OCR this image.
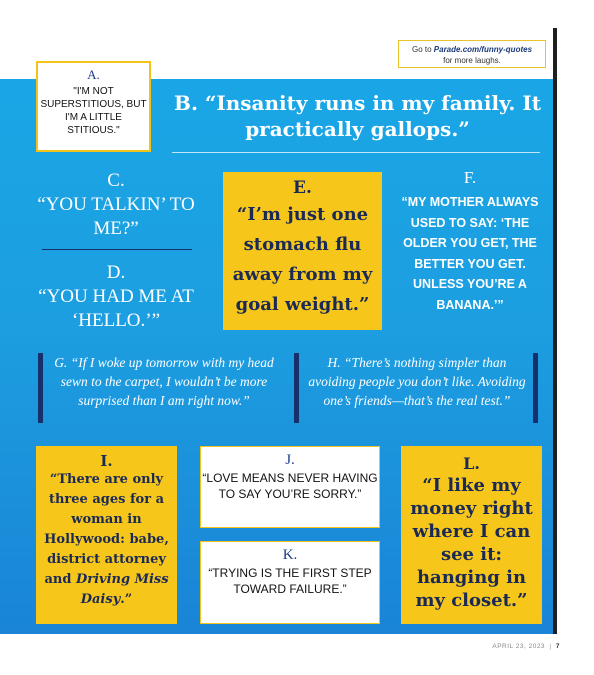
Go to Parade.com/funny-quotes
for more laughs.
A.
"I'M NOT SUPERSTITIOUS, BUT I'M A LITTLE STITIOUS."
B. “Insanity runs in my family. It practically gallops.”
C.
“YOU TALKIN’ TO ME?”
D.
“YOU HAD ME AT ‘HELLO.’”
E.
“I’m just one stomach flu away from my goal weight.”
F.
“MY MOTHER ALWAYS USED TO SAY: ‘THE OLDER YOU GET, THE BETTER YOU GET. UNLESS YOU’RE A BANANA.’”
G. “If I woke up tomorrow with my head sewn to the carpet, I wouldn’t be more surprised than I am right now.”
H. “There’s nothing simpler than avoiding people you don’t like. Avoiding one’s friends—that’s the real test.”
I.
“There are only three ages for a woman in Hollywood: babe, district attorney and Driving Miss Daisy.”
J.
“LOVE MEANS NEVER HAVING TO SAY YOU’RE SORRY.”
K.
“TRYING IS THE FIRST STEP TOWARD FAILURE.”
L.
“I like my money right where I can see it: hanging in my closet.”
APRIL 23, 2023 | 7
